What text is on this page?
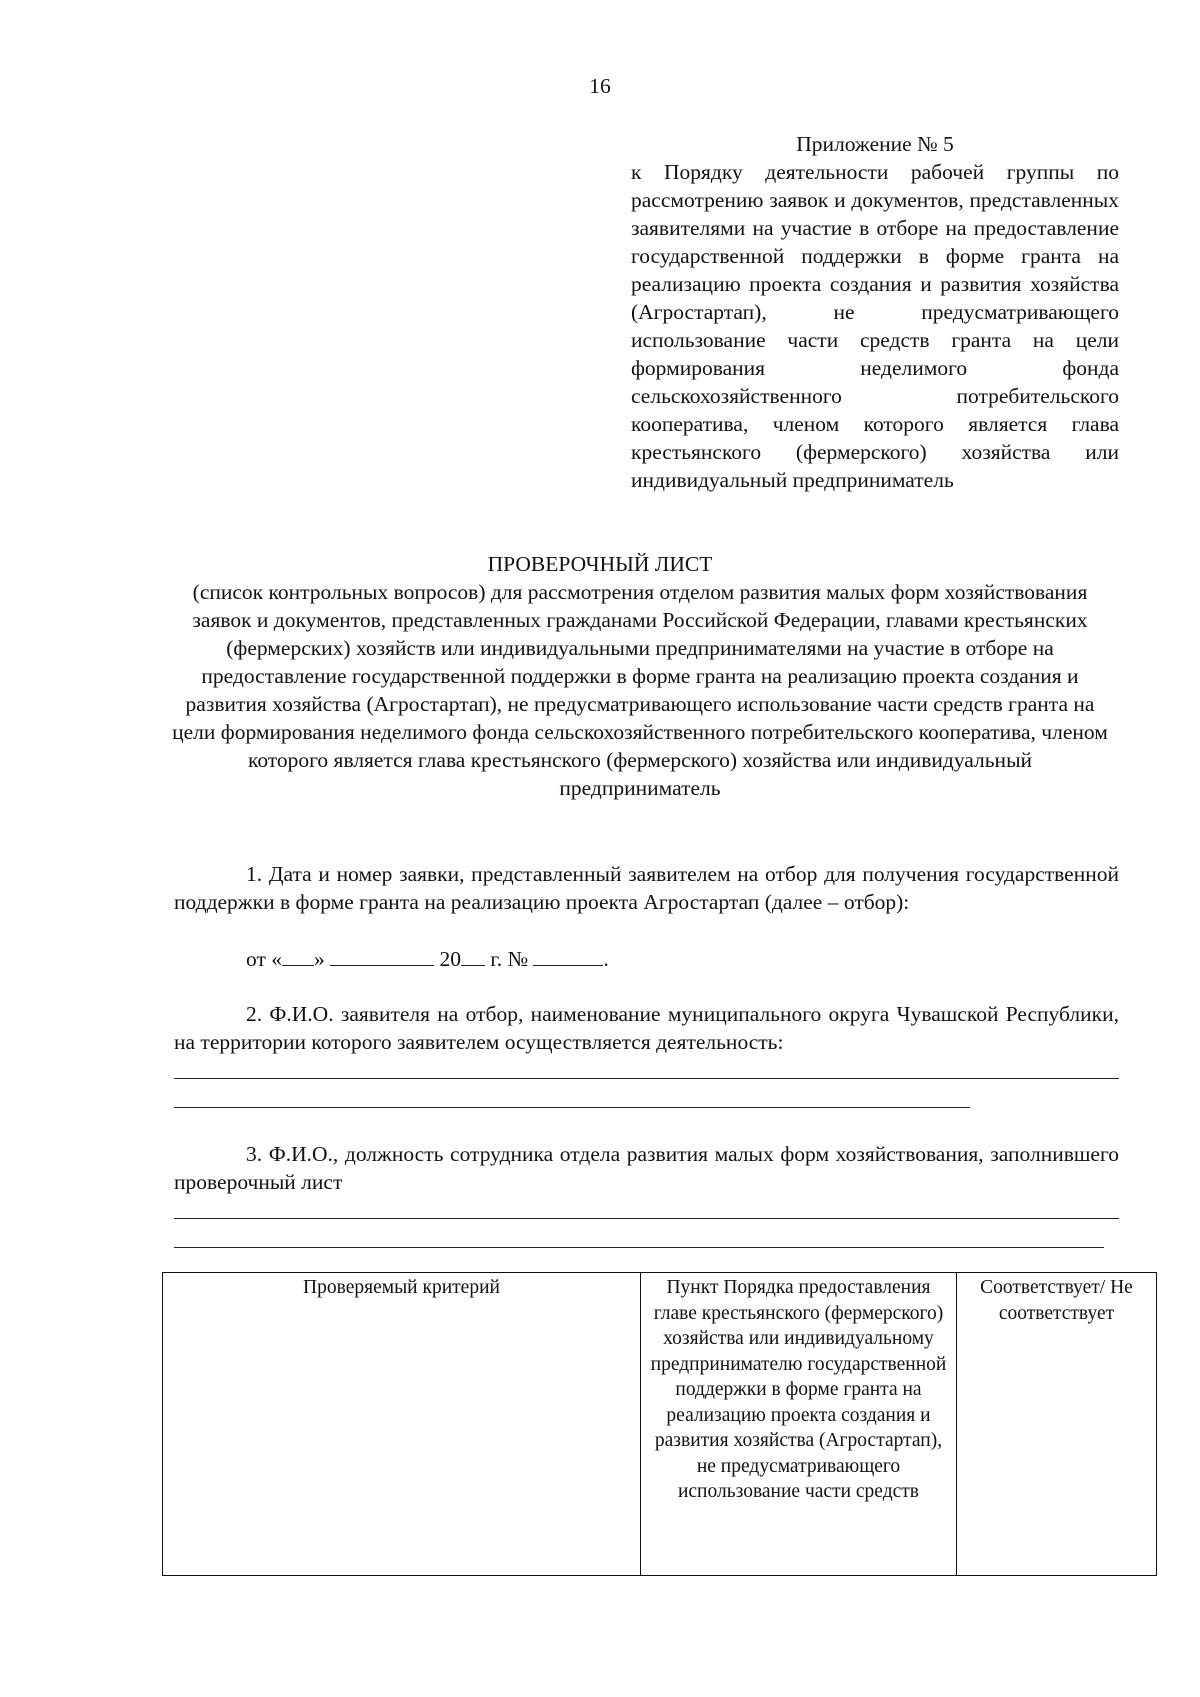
16
Приложение № 5
к Порядку деятельности рабочей группы по рассмотрению заявок и документов, представленных заявителями на участие в отборе на предоставление государственной поддержки в форме гранта на реализацию проекта создания и развития хозяйства (Агростартап), не предусматривающего использование части средств гранта на цели формирования неделимого фонда сельскохозяйственного потребительского кооператива, членом которого является глава крестьянского (фермерского) хозяйства или индивидуальный предприниматель
ПРОВЕРОЧНЫЙ ЛИСТ
(список контрольных вопросов) для рассмотрения отделом развития малых форм хозяйствования заявок и документов, представленных гражданами Российской Федерации, главами крестьянских (фермерских) хозяйств или индивидуальными предпринимателями на участие в отборе на предоставление государственной поддержки в форме гранта на реализацию проекта создания и развития хозяйства (Агростартап), не предусматривающего использование части средств гранта на цели формирования неделимого фонда сельскохозяйственного потребительского кооператива, членом которого является глава крестьянского (фермерского) хозяйства или индивидуальный предприниматель
1. Дата и номер заявки, представленный заявителем на отбор для получения государственной поддержки в форме гранта на реализацию проекта Агростартап (далее – отбор):
от « »	20 г. №	.
2. Ф.И.О. заявителя на отбор, наименование муниципального округа Чувашской Республики, на территории которого заявителем осуществляется деятельность:
3. Ф.И.О., должность сотрудника отдела развития малых форм хозяйствования, заполнившего проверочный лист
Проверяемый критерий	Пункт Порядка предоставления главе крестьянского (фермерского) хозяйства или индивидуальному предпринимателю государственной поддержки в форме гранта на реализацию проекта создания и развития хозяйства (Агростартап), не предусматривающего использование части средств	Соответствует/ Не соответствует
